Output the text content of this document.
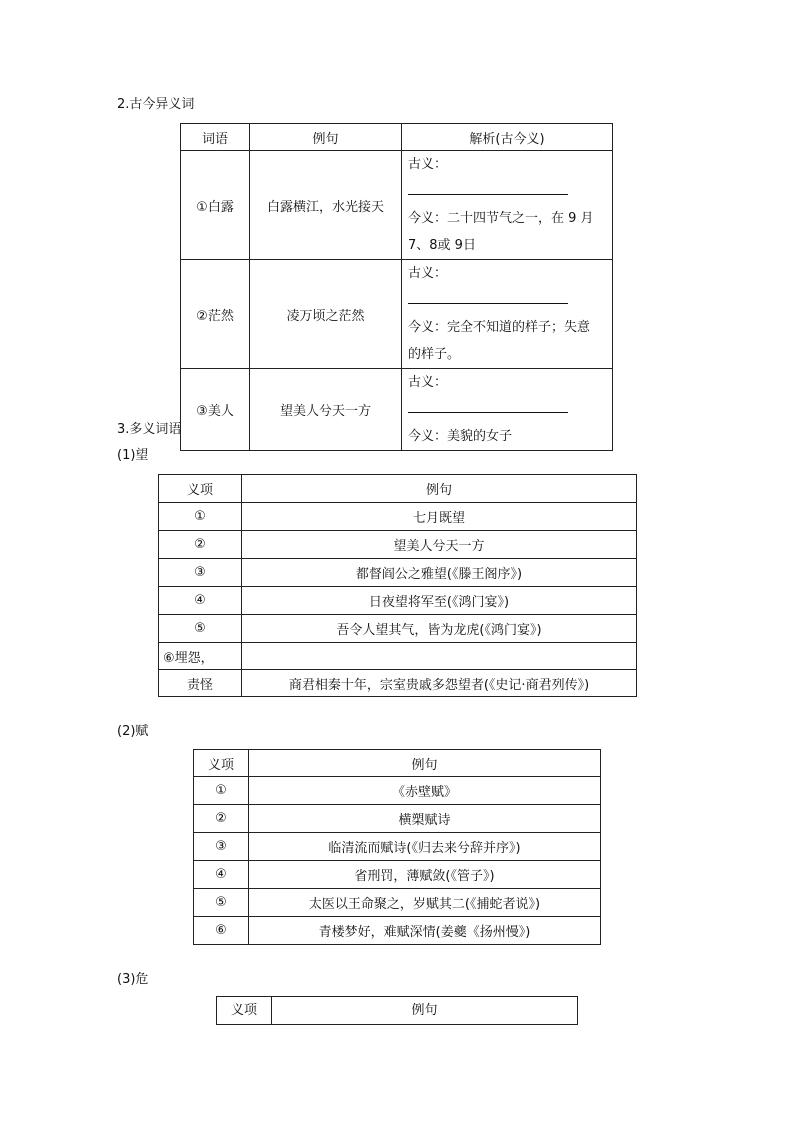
2.古今异义词
词语	例句	解析(古今义)
①白露	白露横江，水光接天	古义：
今义：二十四节气之一，在 9 月
7、8或 9日

②茫然	凌万顷之茫然	古义：
今义：完全不知道的样子；失意
的样子。

③美人	望美人兮天一方	古义：
今义：美貌的女子
3.多义词语
(1)望
义项	例句
①	七月既望
②	望美人兮天一方
③	都督阎公之雅望(《滕王阁序》)
④	日夜望将军至(《鸿门宴》)
⑤	吾令人望其气，皆为龙虎(《鸿门宴》)
⑥埋怨，	
责怪	商君相秦十年，宗室贵戚多怨望者(《史记·商君列传》)
(2)赋
义项	例句
①	《赤壁赋》
②	横槊赋诗
③	临清流而赋诗(《归去来兮辞并序》)
④	省刑罚，薄赋敛(《管子》)
⑤	太医以王命聚之，岁赋其二(《捕蛇者说》)
⑥	青楼梦好，难赋深情(姜夔《扬州慢》)
(3)危
义项	例句
